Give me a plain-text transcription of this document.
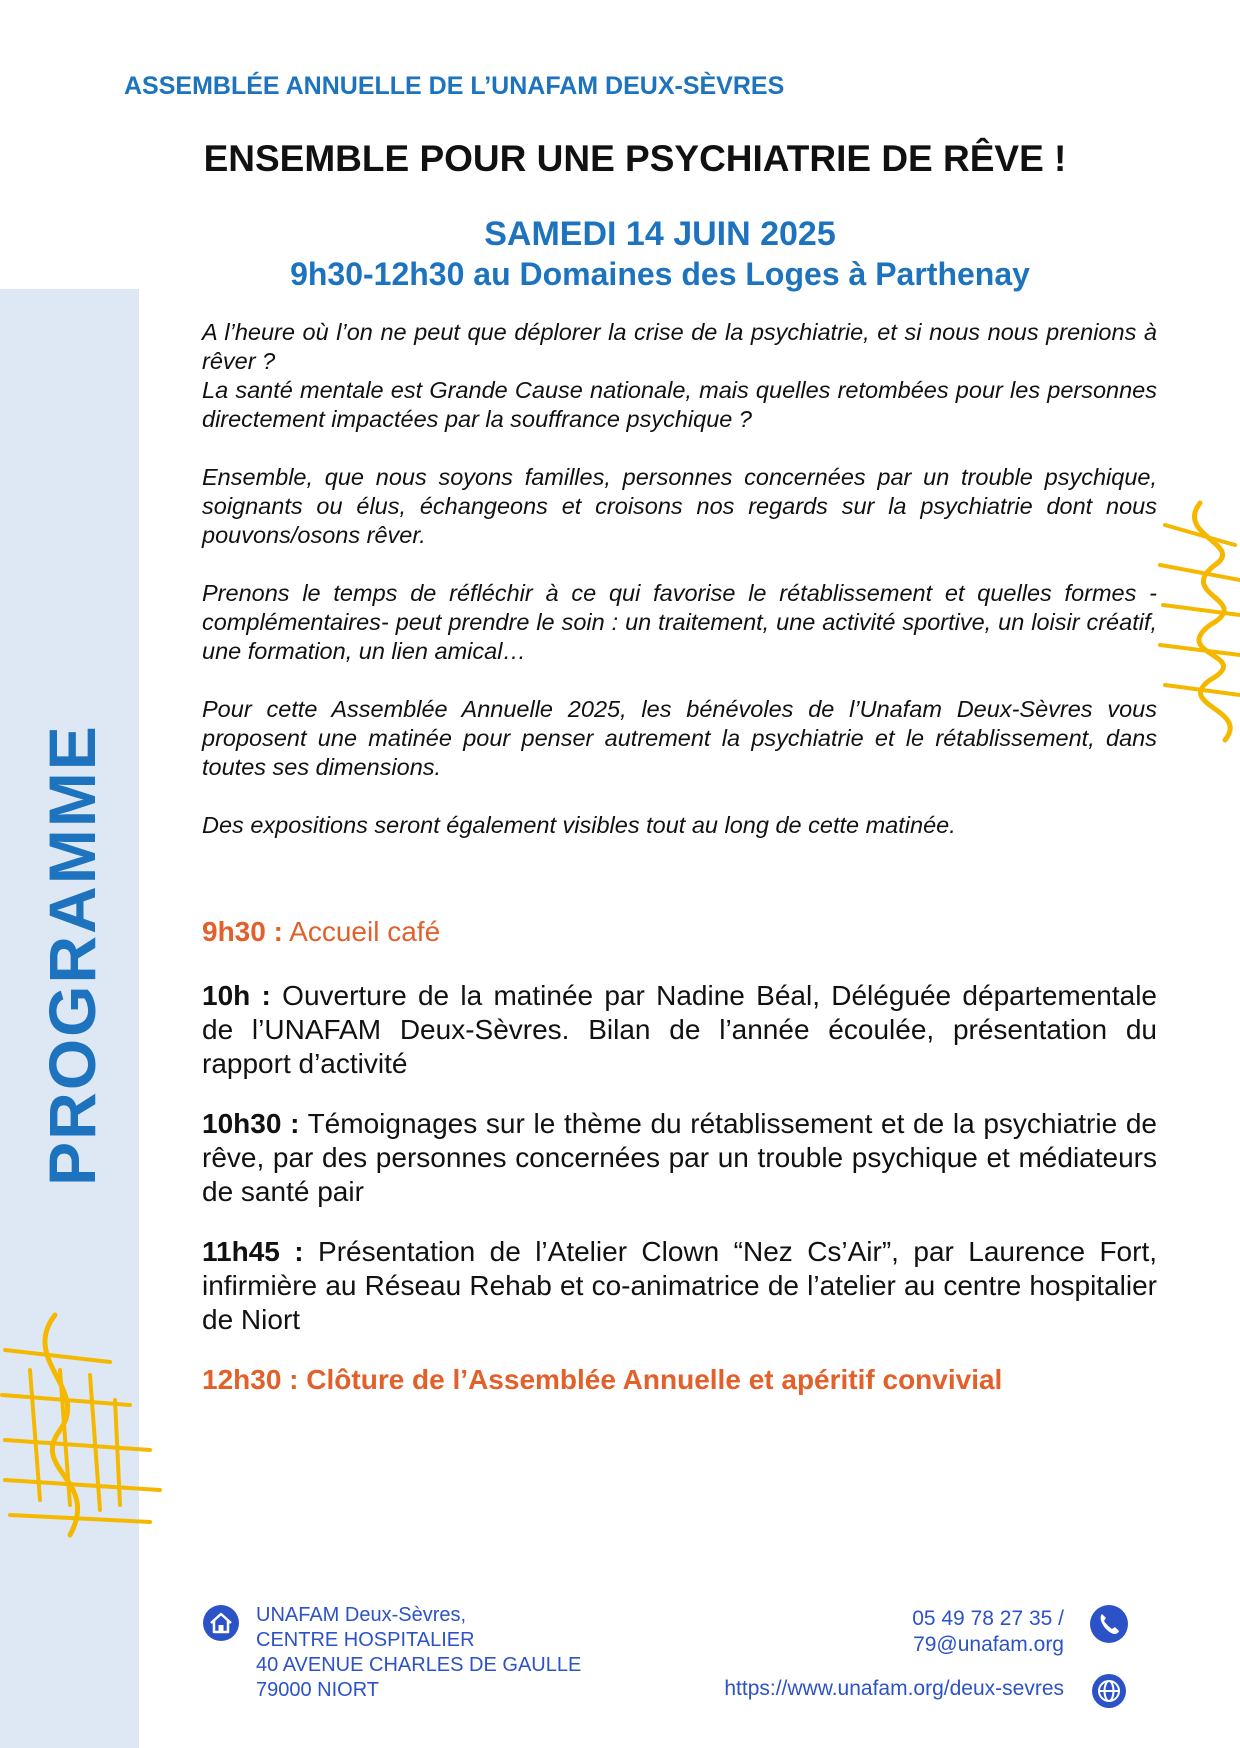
PROGRAMME
ASSEMBLÉE ANNUELLE DE L’UNAFAM DEUX-SÈVRES
ENSEMBLE POUR UNE PSYCHIATRIE DE RÊVE !
SAMEDI 14 JUIN 2025
9h30-12h30 au Domaines des Loges à Parthenay

A l’heure où l’on ne peut que déplorer la crise de la psychiatrie, et si nous nous prenions à rêver ?
La santé mentale est Grande Cause nationale, mais quelles retombées pour les personnes directement impactées par la souffrance psychique ?

Ensemble, que nous soyons familles, personnes concernées par un trouble psychique, soignants ou élus, échangeons et croisons nos regards sur la psychiatrie dont nous pouvons/osons rêver.

Prenons le temps de réfléchir à ce qui favorise le rétablissement et quelles formes -complémentaires- peut prendre le soin : un traitement, une activité sportive, un loisir créatif, une formation, un lien amical…

Pour cette Assemblée Annuelle 2025, les bénévoles de l’Unafam Deux-Sèvres vous proposent une matinée pour penser autrement la psychiatrie et le rétablissement, dans toutes ses dimensions.

Des expositions seront également visibles tout au long de cette matinée.

9h30 : Accueil café

10h : Ouverture de la matinée par Nadine Béal, Déléguée départementale de l’UNAFAM Deux-Sèvres. Bilan de l’année écoulée, présentation du rapport d’activité

10h30 : Témoignages sur le thème du rétablissement et de la psychiatrie de rêve, par des personnes concernées par un trouble psychique et médiateurs de santé pair

11h45 : Présentation de l’Atelier Clown “Nez Cs’Air”, par Laurence Fort, infirmière au Réseau Rehab et co-animatrice de l’atelier au centre hospitalier de Niort

12h30 : Clôture de l’Assemblée Annuelle et apéritif convivial

UNAFAM Deux-Sèvres,
CENTRE HOSPITALIER
40 AVENUE CHARLES DE GAULLE
79000 NIORT
05 49 78 27 35 /
79@unafam.org
https://www.unafam.org/deux-sevres
